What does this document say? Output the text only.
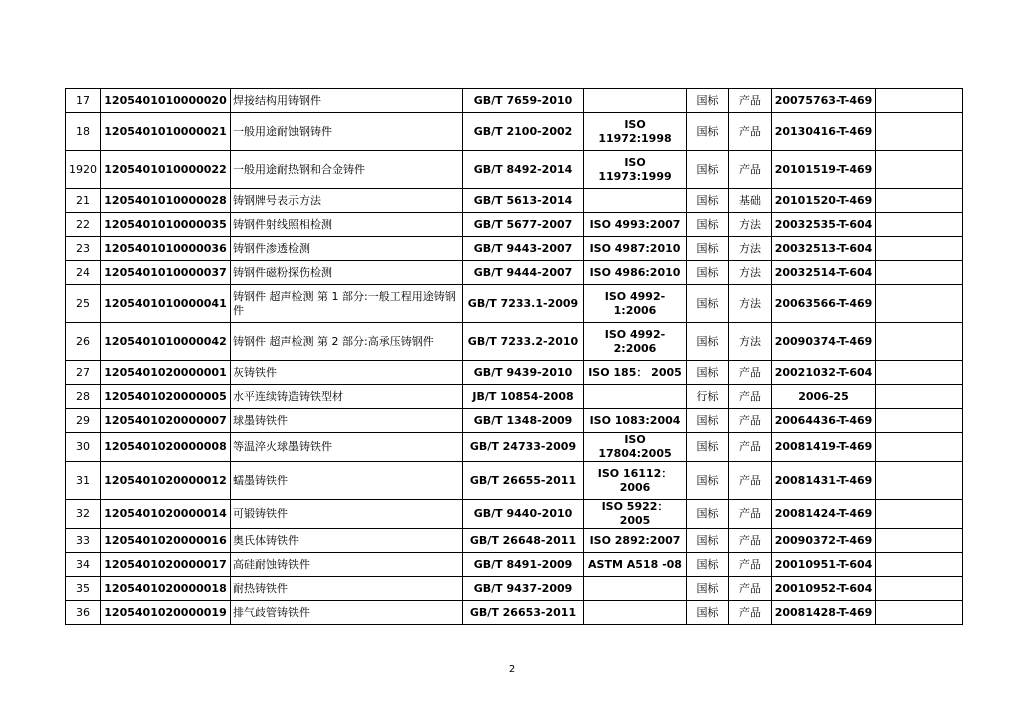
17	1205401010000020	焊接结构用铸钢件	GB/T 7659-2010		国标	产品	20075763-T-469	
18	1205401010000021	一般用途耐蚀钢铸件	GB/T 2100-2002	ISO 11972:1998	国标	产品	20130416-T-469	
1920	1205401010000022	一般用途耐热钢和合金铸件	GB/T 8492-2014	ISO 11973:1999	国标	产品	20101519-T-469	
21	1205401010000028	铸钢牌号表示方法	GB/T 5613-2014		国标	基础	20101520-T-469	
22	1205401010000035	铸钢件射线照相检测	GB/T 5677-2007	ISO 4993:2007	国标	方法	20032535-T-604	
23	1205401010000036	铸钢件渗透检测	GB/T 9443-2007	ISO 4987:2010	国标	方法	20032513-T-604	
24	1205401010000037	铸钢件磁粉探伤检测	GB/T 9444-2007	ISO 4986:2010	国标	方法	20032514-T-604	
25	1205401010000041	铸钢件 超声检测 第 1 部分:一般工程用途铸钢件	GB/T 7233.1-2009	ISO 4992-1:2006	国标	方法	20063566-T-469	
26	1205401010000042	铸钢件 超声检测 第 2 部分:高承压铸钢件	GB/T 7233.2-2010	ISO 4992-2:2006	国标	方法	20090374-T-469	
27	1205401020000001	灰铸铁件	GB/T 9439-2010	ISO 185： 2005	国标	产品	20021032-T-604	
28	1205401020000005	水平连续铸造铸铁型材	JB/T 10854-2008		行标	产品	2006-25	
29	1205401020000007	球墨铸铁件	GB/T 1348-2009	ISO 1083:2004	国标	产品	20064436-T-469	
30	1205401020000008	等温淬火球墨铸铁件	GB/T 24733-2009	ISO 17804:2005	国标	产品	20081419-T-469	
31	1205401020000012	蠕墨铸铁件	GB/T 26655-2011	ISO 16112： 2006	国标	产品	20081431-T-469	
32	1205401020000014	可锻铸铁件	GB/T 9440-2010	ISO 5922： 2005	国标	产品	20081424-T-469	
33	1205401020000016	奥氏体铸铁件	GB/T 26648-2011	ISO 2892:2007	国标	产品	20090372-T-469	
34	1205401020000017	高硅耐蚀铸铁件	GB/T 8491-2009	ASTM A518 -08	国标	产品	20010951-T-604	
35	1205401020000018	耐热铸铁件	GB/T 9437-2009		国标	产品	20010952-T-604	
36	1205401020000019	排气歧管铸铁件	GB/T 26653-2011		国标	产品	20081428-T-469	
2
